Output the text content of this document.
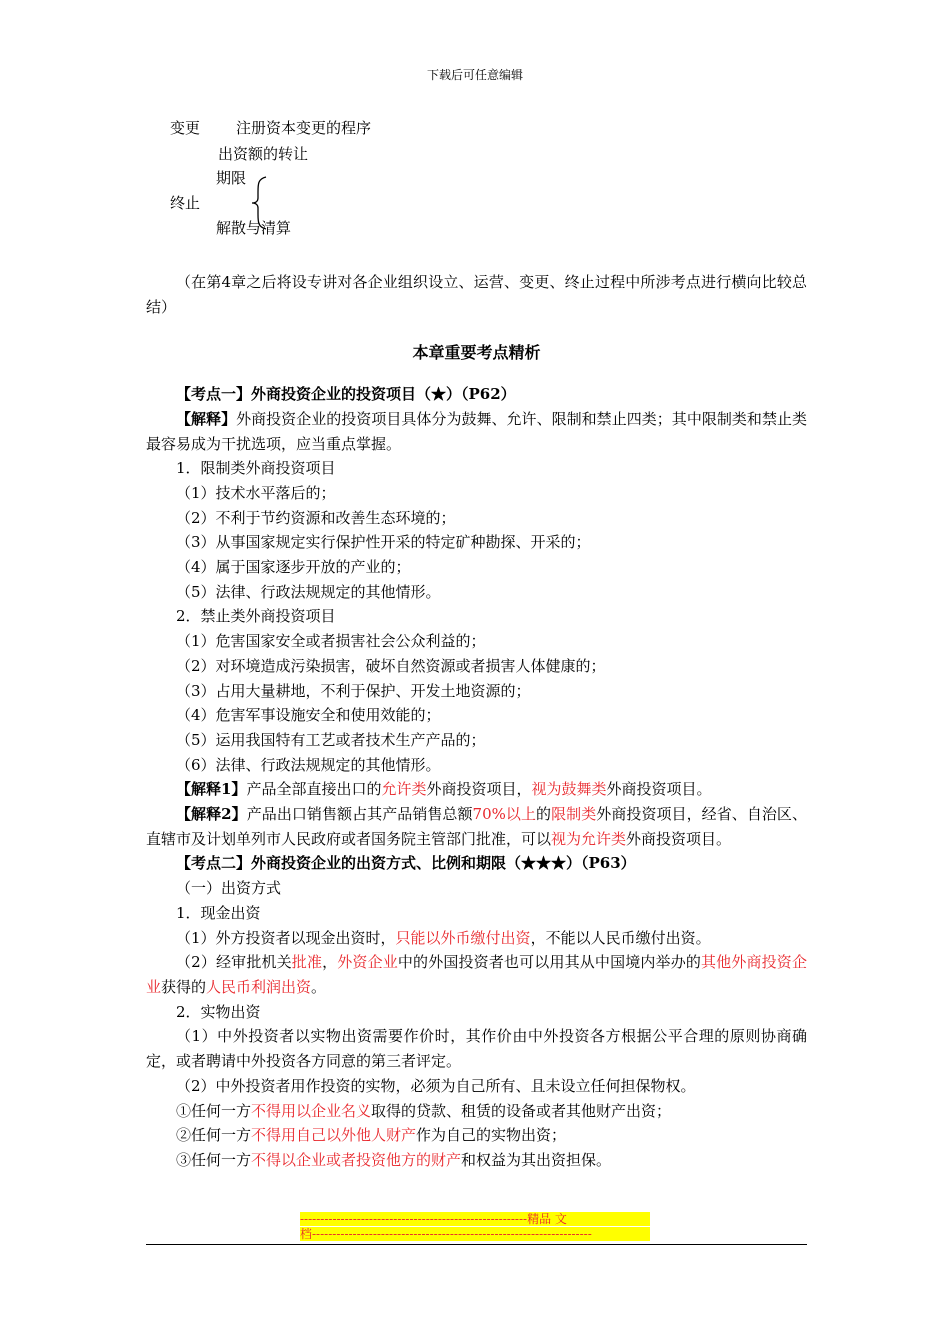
下载后可任意编辑
变更 注册资本变更的程序
出资额的转让
期限
终止
解散与清算

（在第4章之后将设专讲对各企业组织设立、运营、变更、终止过程中所涉考点进行横向比较总结）

本章重要考点精析

【考点一】外商投资企业的投资项目（★）（P62）

【解释】外商投资企业的投资项目具体分为鼓舞、允许、限制和禁止四类；其中限制类和禁止类最容易成为干扰选项，应当重点掌握。

1．限制类外商投资项目

（1）技术水平落后的；

（2）不利于节约资源和改善生态环境的；

（3）从事国家规定实行保护性开采的特定矿种勘探、开采的；

（4）属于国家逐步开放的产业的；

（5）法律、行政法规规定的其他情形。

2．禁止类外商投资项目

（1）危害国家安全或者损害社会公众利益的；

（2）对环境造成污染损害，破坏自然资源或者损害人体健康的；

（3）占用大量耕地，不利于保护、开发土地资源的；

（4）危害军事设施安全和使用效能的；

（5）运用我国特有工艺或者技术生产产品的；

（6）法律、行政法规规定的其他情形。

【解释1】产品全部直接出口的允许类外商投资项目，视为鼓舞类外商投资项目。

【解释2】产品出口销售额占其产品销售总额70%以上的限制类外商投资项目，经省、自治区、直辖市及计划单列市人民政府或者国务院主管部门批准，可以视为允许类外商投资项目。

【考点二】外商投资企业的出资方式、比例和期限（★★★）（P63）

（一）出资方式

1．现金出资

（1）外方投资者以现金出资时，只能以外币缴付出资，不能以人民币缴付出资。

（2）经审批机关批准，外资企业中的外国投资者也可以用其从中国境内举办的其他外商投资企业获得的人民币利润出资。

2．实物出资

（1）中外投资者以实物出资需要作价时，其作价由中外投资各方根据公平合理的原则协商确定，或者聘请中外投资各方同意的第三者评定。

（2）中外投资者用作投资的实物，必须为自己所有、且未设立任何担保物权。

①任何一方不得用以企业名义取得的贷款、租赁的设备或者其他财产出资；

②任何一方不得用自己以外他人财产作为自己的实物出资；

③任何一方不得以企业或者投资他方的财产和权益为其出资担保。

--------------------------------------------------------精品 文
档---------------------------------------------------------------------
